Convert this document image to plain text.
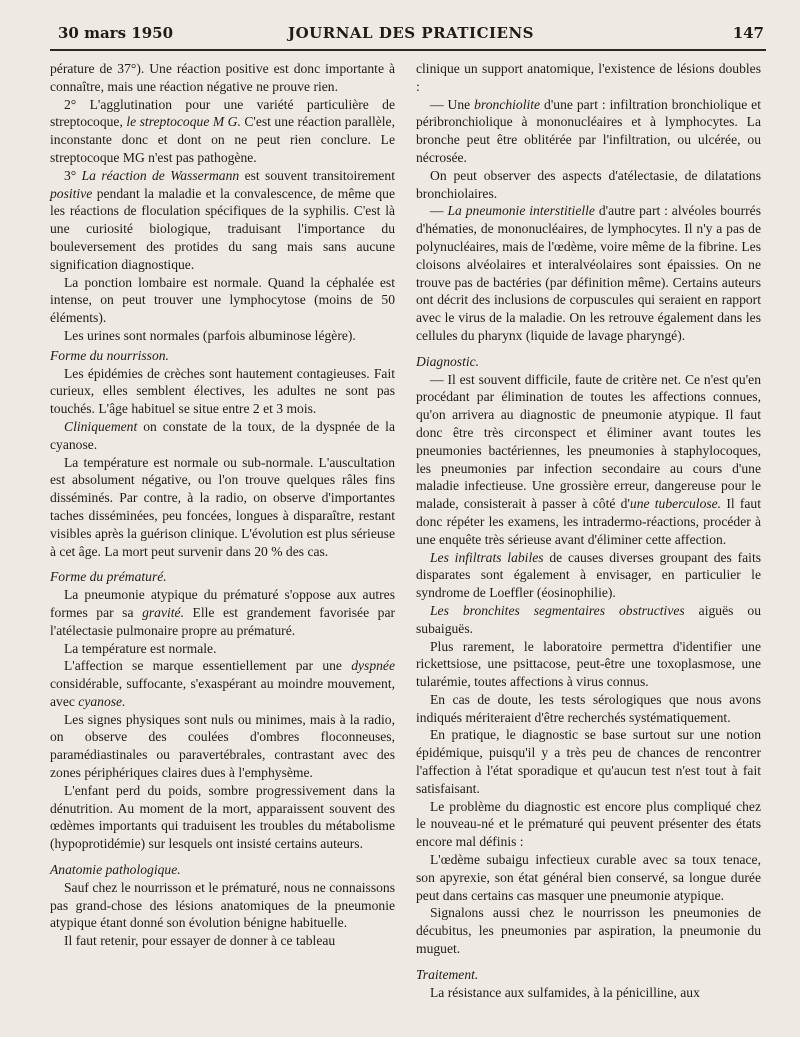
30 mars 1950	JOURNAL DES PRATICIENS	147

pérature de 37°). Une réaction positive est donc importante à connaître, mais une réaction négative ne prouve rien.

2° L'agglutination pour une variété particulière de streptocoque, le streptocoque M G. C'est une réaction parallèle, inconstante donc et dont on ne peut rien conclure. Le streptocoque MG n'est pas pathogène.

3° La réaction de Wassermann est souvent transitoirement positive pendant la maladie et la convalescence, de même que les réactions de floculation spécifiques de la syphilis. C'est là une curiosité biologique, traduisant l'importance du bouleversement des protides du sang mais sans aucune signification diagnostique.

La ponction lombaire est normale. Quand la céphalée est intense, on peut trouver une lymphocytose (moins de 50 éléments).

Les urines sont normales (parfois albuminose légère).

Forme du nourrisson.

Les épidémies de crèches sont hautement contagieuses. Fait curieux, elles semblent électives, les adultes ne sont pas touchés. L'âge habituel se situe entre 2 et 3 mois.

Cliniquement on constate de la toux, de la dyspnée de la cyanose.

La température est normale ou sub-normale. L'auscultation est absolument négative, ou l'on trouve quelques râles fins disséminés. Par contre, à la radio, on observe d'importantes taches disséminées, peu foncées, longues à disparaître, restant visibles après la guérison clinique. L'évolution est plus sérieuse à cet âge. La mort peut survenir dans 20 % des cas.

Forme du prématuré.

La pneumonie atypique du prématuré s'oppose aux autres formes par sa gravité. Elle est grandement favorisée par l'atélectasie pulmonaire propre au prématuré.

La température est normale.

L'affection se marque essentiellement par une dyspnée considérable, suffocante, s'exaspérant au moindre mouvement, avec cyanose.

Les signes physiques sont nuls ou minimes, mais à la radio, on observe des coulées d'ombres floconneuses, paramédiastinales ou paravertébrales, contrastant avec des zones périphériques claires dues à l'emphysème.

L'enfant perd du poids, sombre progressivement dans la dénutrition. Au moment de la mort, apparaissent souvent des œdèmes importants qui traduisent les troubles du métabolisme (hypoprotidémie) sur lesquels ont insisté certains auteurs.

Anatomie pathologique.

Sauf chez le nourrisson et le prématuré, nous ne connaissons pas grand-chose des lésions anatomiques de la pneumonie atypique étant donné son évolution bénigne habituelle.

Il faut retenir, pour essayer de donner à ce tableau

clinique un support anatomique, l'existence de lésions doubles :

— Une bronchiolite d'une part : infiltration bronchiolique et péribronchiolique à mononucléaires et à lymphocytes. La bronche peut être oblitérée par l'infiltration, ou ulcérée, ou nécrosée.

On peut observer des aspects d'atélectasie, de dilatations bronchiolaires.

— La pneumonie interstitielle d'autre part : alvéoles bourrés d'hématies, de mononucléaires, de lymphocytes. Il n'y a pas de polynucléaires, mais de l'œdème, voire même de la fibrine. Les cloisons alvéolaires et interalvéolaires sont épaissies. On ne trouve pas de bactéries (par définition même). Certains auteurs ont décrit des inclusions de corpuscules qui seraient en rapport avec le virus de la maladie. On les retrouve également dans les cellules du pharynx (liquide de lavage pharyngé).

Diagnostic.

— Il est souvent difficile, faute de critère net. Ce n'est qu'en procédant par élimination de toutes les affections connues, qu'on arrivera au diagnostic de pneumonie atypique. Il faut donc être très circonspect et éliminer avant toutes les pneumonies bactériennes, les pneumonies à staphylocoques, les pneumonies par infection secondaire au cours d'une maladie infectieuse. Une grossière erreur, dangereuse pour le malade, consisterait à passer à côté d'une tuberculose. Il faut donc répéter les examens, les intradermo-réactions, procéder à une enquête très sérieuse avant d'éliminer cette affection.

Les infiltrats labiles de causes diverses groupant des faits disparates sont également à envisager, en particulier le syndrome de Loeffler (éosinophilie).

Les bronchites segmentaires obstructives aiguës ou subaiguës.

Plus rarement, le laboratoire permettra d'identifier une rickettsiose, une psittacose, peut-être une toxoplasmose, une tularémie, toutes affections à virus connus.

En cas de doute, les tests sérologiques que nous avons indiqués mériteraient d'être recherchés systématiquement.

En pratique, le diagnostic se base surtout sur une notion épidémique, puisqu'il y a très peu de chances de rencontrer l'affection à l'état sporadique et qu'aucun test n'est tout à fait satisfaisant.

Le problème du diagnostic est encore plus compliqué chez le nouveau-né et le prématuré qui peuvent présenter des états encore mal définis :

L'œdème subaigu infectieux curable avec sa toux tenace, son apyrexie, son état général bien conservé, sa longue durée peut dans certains cas masquer une pneumonie atypique.

Signalons aussi chez le nourrisson les pneumonies de décubitus, les pneumonies par aspiration, la pneumonie du muguet.

Traitement.

La résistance aux sulfamides, à la pénicilline, aux
